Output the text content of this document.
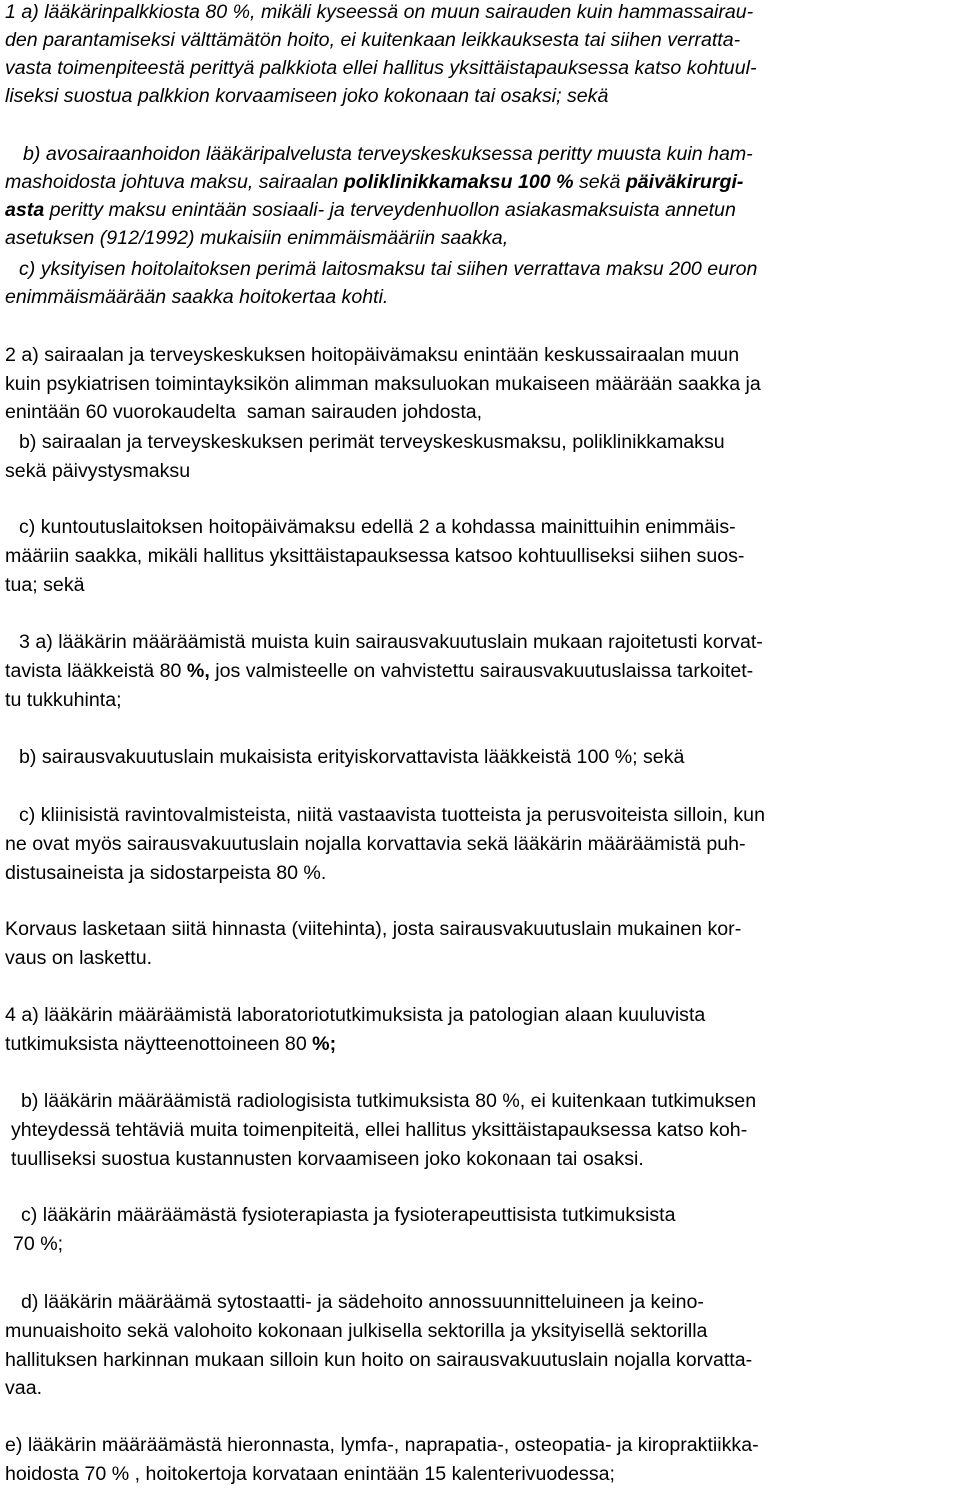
1 a) lääkärinpalkkiosta 80 %, mikäli kyseessä on muun sairauden kuin hammassairau-
den parantamiseksi välttämätön hoito, ei kuitenkaan leikkauksesta tai siihen verratta-
vasta toimenpiteestä perittyä palkkiota ellei hallitus yksittäistapauksessa katso kohtuul-
liseksi suostua palkkion korvaamiseen joko kokonaan tai osaksi; sekä
b) avosairaanhoidon lääkäripalvelusta terveyskeskuksessa peritty muusta kuin ham-
mashoidosta johtuva maksu, sairaalan poliklinikkamaksu 100 % sekä päiväkirurgi-
asta peritty maksu enintään sosiaali- ja terveydenhuollon asiakasmaksuista annetun
asetuksen (912/1992) mukaisiin enimmäismääriin saakka,
c) yksityisen hoitolaitoksen perimä laitosmaksu tai siihen verrattava maksu 200 euron
enimmäismäärään saakka hoitokertaa kohti.
2 a) sairaalan ja terveyskeskuksen hoitopäivämaksu enintään keskussairaalan muun
kuin psykiatrisen toimintayksikön alimman maksuluokan mukaiseen määrään saakka ja
enintään 60 vuorokaudelta  saman sairauden johdosta,
b) sairaalan ja terveyskeskuksen perimät terveyskeskusmaksu, poliklinikkamaksu
sekä päivystysmaksu
c) kuntoutuslaitoksen hoitopäivämaksu edellä 2 a kohdassa mainittuihin enimmäis-
määriin saakka, mikäli hallitus yksittäistapauksessa katsoo kohtuulliseksi siihen suos-
tua; sekä
3 a) lääkärin määräämistä muista kuin sairausvakuutuslain mukaan rajoitetusti korvat-
tavista lääkkeistä 80 %, jos valmisteelle on vahvistettu sairausvakuutuslaissa tarkoitet-
tu tukkuhinta;
b) sairausvakuutuslain mukaisista erityiskorvattavista lääkkeistä 100 %; sekä
c) kliinisistä ravintovalmisteista, niitä vastaavista tuotteista ja perusvoiteista silloin, kun
ne ovat myös sairausvakuutuslain nojalla korvattavia sekä lääkärin määräämistä puh-
distusaineista ja sidostarpeista 80 %.
Korvaus lasketaan siitä hinnasta (viitehinta), josta sairausvakuutuslain mukainen kor-
vaus on laskettu.
4 a) lääkärin määräämistä laboratoriotutkimuksista ja patologian alaan kuuluvista
tutkimuksista näytteenottoineen 80 %;
b) lääkärin määräämistä radiologisista tutkimuksista 80 %, ei kuitenkaan tutkimuksen
yhteydessä tehtäviä muita toimenpiteitä, ellei hallitus yksittäistapauksessa katso koh-
tuulliseksi suostua kustannusten korvaamiseen joko kokonaan tai osaksi.
c) lääkärin määräämästä fysioterapiasta ja fysioterapeuttisista tutkimuksista
70 %;
d) lääkärin määräämä sytostaatti- ja sädehoito annossuunnitteluineen ja keino-
munuaishoito sekä valohoito kokonaan julkisella sektorilla ja yksityisellä sektorilla
hallituksen harkinnan mukaan silloin kun hoito on sairausvakuutuslain nojalla korvatta-
vaa.
e) lääkärin määräämästä hieronnasta, lymfa-, naprapatia-, osteopatia- ja kiropraktiikka-
hoidosta 70 % , hoitokertoja korvataan enintään 15 kalenterivuodessa;
